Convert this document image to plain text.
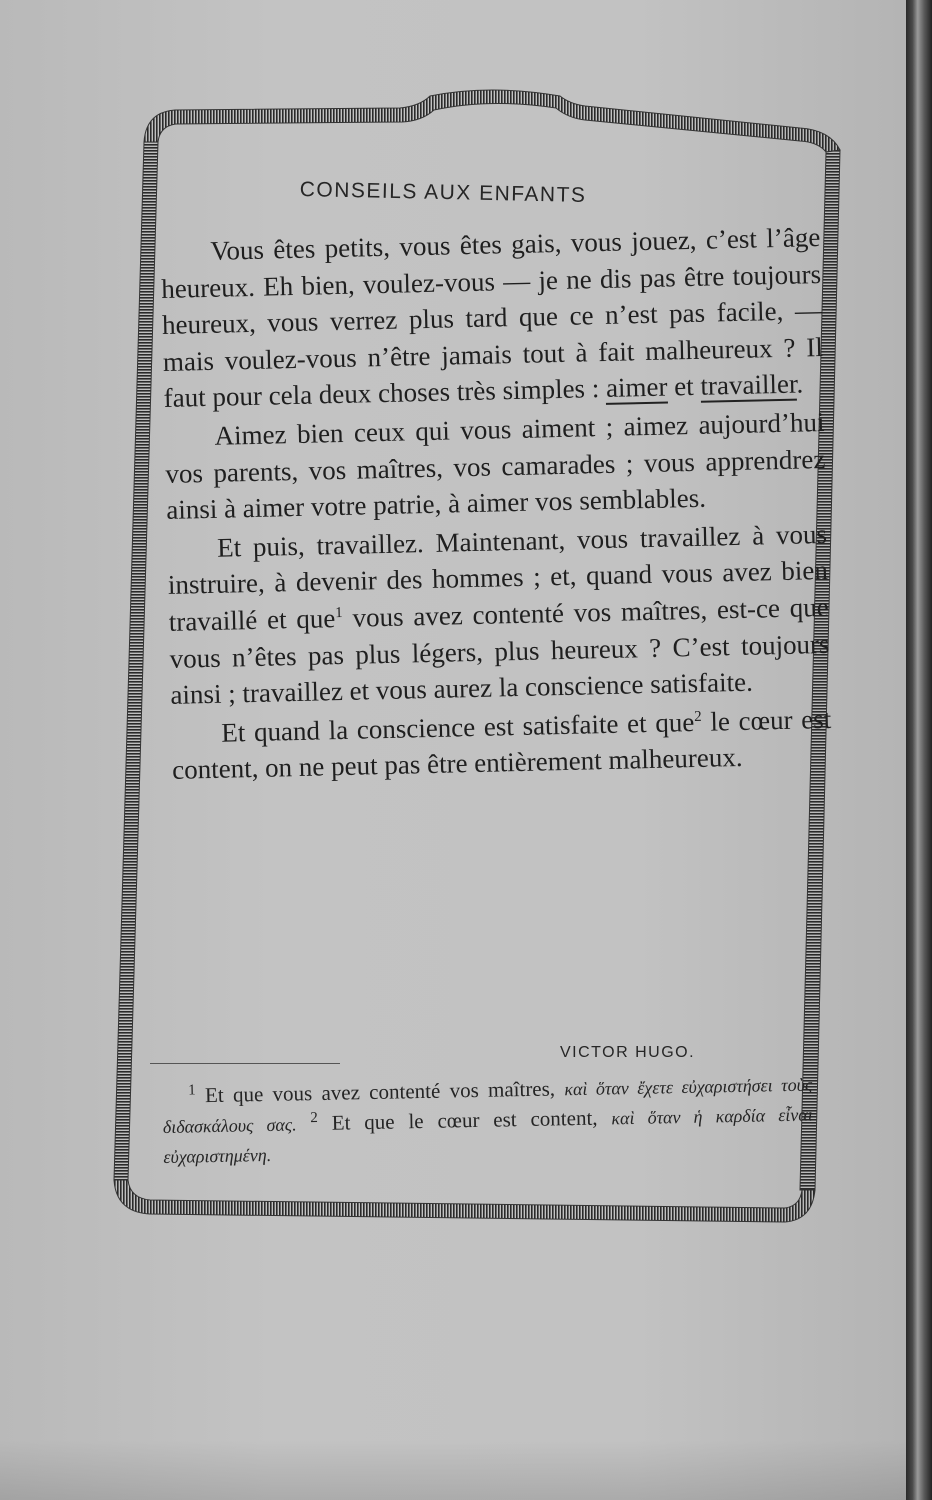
CONSEILS AUX ENFANTS

Vous êtes petits, vous êtes gais, vous jouez, c’est l’âge heureux. Eh bien, voulez-vous — je ne dis pas être toujours heureux, vous verrez plus tard que ce n’est pas facile, — mais voulez-vous n’être jamais tout à fait malheureux ? Il faut pour cela deux choses très simples : aimer et travailler.

Aimez bien ceux qui vous aiment ; aimez aujourd’hui vos parents, vos maîtres, vos camarades ; vous apprendrez ainsi à aimer votre patrie, à aimer vos semblables.

Et puis, travaillez. Maintenant, vous travaillez à vous instruire, à devenir des hommes ; et, quand vous avez bien travaillé et que$^1$ vous avez contenté vos maîtres, est-ce que vous n’êtes pas plus légers, plus heureux ? C’est toujours ainsi ; travaillez et vous aurez la conscience satisfaite.

Et quand la conscience est satisfaite et que$^2$ le cœur est content, on ne peut pas être entièrement malheureux.

VICTOR HUGO.
$^1$ Et que vous avez contenté vos maîtres, καὶ ὅταν ἔχετε εὐχαριστήσει τοὺς διδασκάλους σας. $^2$ Et que le cœur est content, καὶ ὅταν ἡ καρδία εἶναι εὐχαριστημένη.
